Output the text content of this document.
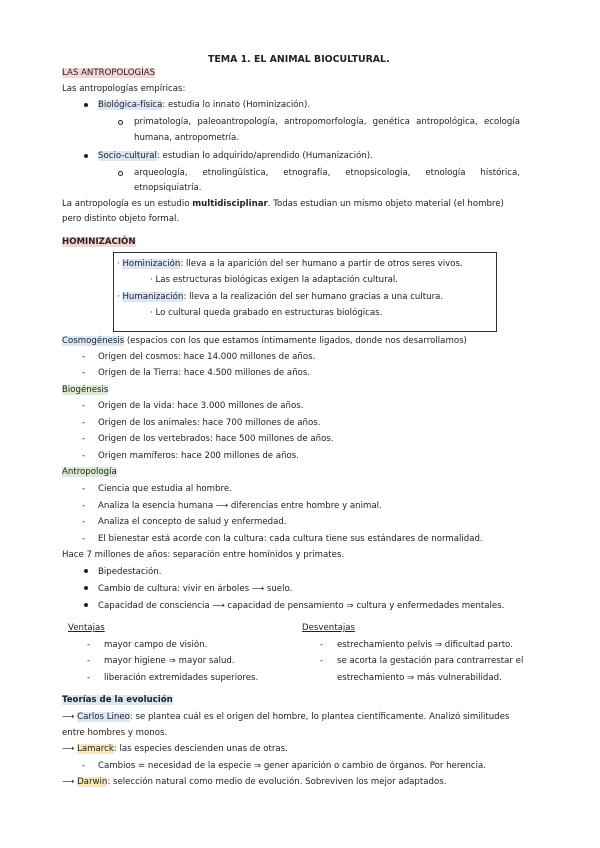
TEMA 1. EL ANIMAL BIOCULTURAL.
LAS ANTROPOLOGÍAS
Las antropologías empíricas:
Biológica-física: estudia lo innato (Hominización).
primatología, paleoantropología, antropomorfología, genética antropológica, ecología
humana, antropometría.
Socio-cultural: estudian lo adquirido/aprendido (Humanización).
arqueología, etnolingüística, etnografía, etnopsicología, etnología histórica,
etnopsiquiatría.
La antropología es un estudio multidisciplinar. Todas estudian un mismo objeto material (el hombre)
pero distinto objeto formal.
HOMINIZACIÓN
· Hominización: lleva a la aparición del ser humano a partir de otros seres vivos.
· Las estructuras biológicas exigen la adaptación cultural.
· Humanización: lleva a la realización del ser humano gracias a una cultura.
· Lo cultural queda grabado en estructuras biológicas.
Cosmogénesis (espacios con los que estamos íntimamente ligados, donde nos desarrollamos)
- Origen del cosmos: hace 14.000 millones de años.
- Origen de la Tierra: hace 4.500 millones de años.
Biogénesis
- Origen de la vida: hace 3.000 millones de años.
- Origen de los animales: hace 700 millones de años.
- Origen de los vertebrados: hace 500 millones de años.
- Origen mamíferos: hace 200 millones de años.
Antropología
- Ciencia que estudia al hombre.
- Analiza la esencia humana ⟶ diferencias entre hombre y animal.
- Analiza el concepto de salud y enfermedad.
- El bienestar está acorde con la cultura: cada cultura tiene sus estándares de normalidad.
Hace 7 millones de años: separación entre homínidos y primates.
Bipedestación.
Cambio de cultura: vivir en árboles ⟶ suelo.
Capacidad de consciencia ⟶ capacidad de pensamiento ⇒ cultura y enfermedades mentales.
Ventajas
- mayor campo de visión.
- mayor higiene ⇒ mayor salud.
- liberación extremidades superiores.
Desventajas
- estrechamiento pelvis ⇒ dificultad parto.
- se acorta la gestación para contrarrestar el
estrechamiento ⇒ más vulnerabilidad.
Teorías de la evolución
⟶ Carlos Lineo: se plantea cuál es el origen del hombre, lo plantea científicamente. Analizó similitudes
entre hombres y monos.
⟶ Lamarck: las especies descienden unas de otras.
- Cambios = necesidad de la especie ⇒ gener aparición o cambio de órganos. Por herencia.
⟶ Darwin: selección natural como medio de evolución. Sobreviven los mejor adaptados.
